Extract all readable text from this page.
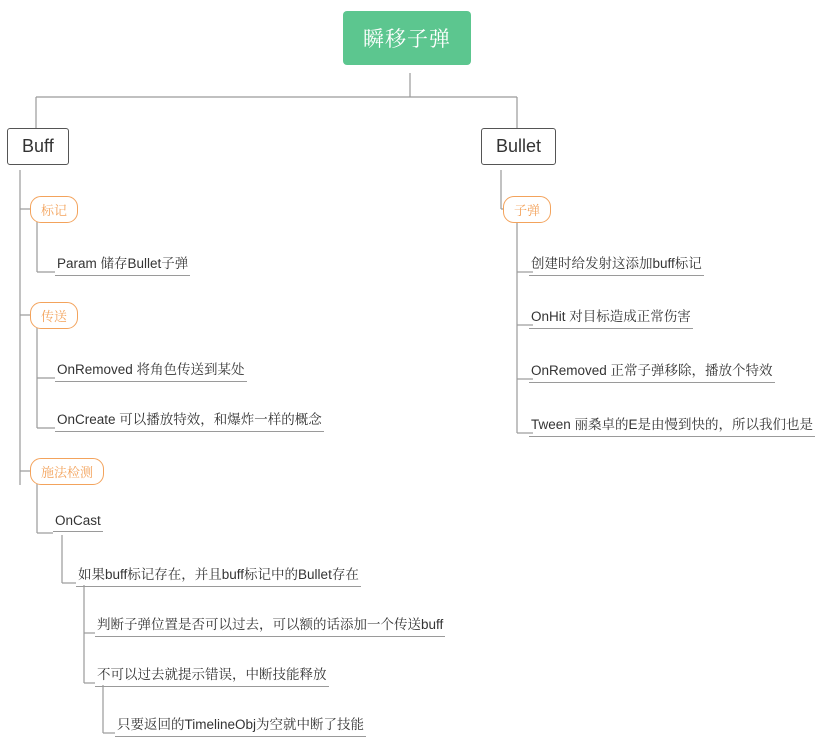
瞬移子弹
Buff
标记
Param 储存Bullet子弹
传送
OnRemoved 将角色传送到某处
OnCreate 可以播放特效，和爆炸一样的概念
施法检测
OnCast
如果buff标记存在，并且buff标记中的Bullet存在
判断子弹位置是否可以过去，可以额的话添加一个传送buff
不可以过去就提示错误，中断技能释放
只要返回的TimelineObj为空就中断了技能
Bullet
子弹
创建时给发射这添加buff标记
OnHit 对目标造成正常伤害
OnRemoved 正常子弹移除，播放个特效
Tween 丽桑卓的E是由慢到快的，所以我们也是
